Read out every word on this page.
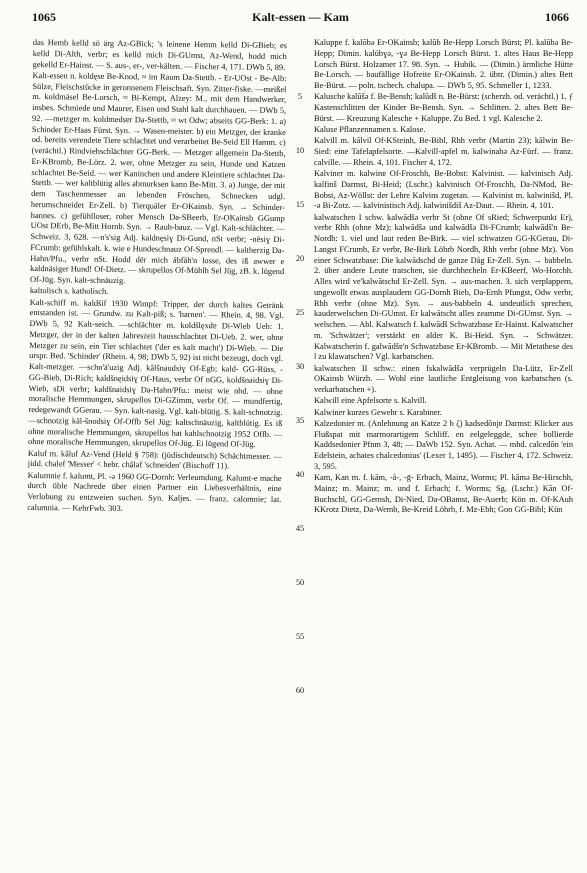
1065	Kalt-essen — Kam	1066

das Hemb kelld sö ärg Az-GBick; 's leinene Hemm kelld Di-GBieb; es kelld Di-Alth, verbr; es kelld mich Di-GUmst, Az-Wend, hodd mich gekelld Er-Hainst. — S. aus-, er-, ver-kälten. — Fischer 4, 171. DWb 5, 89.

Kalt-essen n. koldęsɐ Be-Knod, ≈ im Raum Da-Stettb. - Er-UOst - Be-Alb: Sülze, Fleischstücke in geronnenem Fleischsaft. Syn. Zitter-fiske. —meißel m. koldmäsel Be-Lorsch, ≈ Bi-Kempt, Alzey: M., mit dem Handwerker, insbes. Schmiede und Maurer, Eisen und Stahl kalt durchhauen. — DWb 5, 92. —metzger m. koldmedsɐr Da-Stettb, ≈ wt Odw; abseits GG-Berk: 1. a) Schinder Er-Haas Fürst. Syn. → Wasen-meister. b) ein Metzger, der kranke od. bereits verendete Tiere schlachtet und verarbeitet Be-Seid Ell Hamm. c) (verächtl.) Rindviehschlächter GG-Berk. — Metzger allgemein Da-Stettb, Er-KBromb, Be-Lörz. 2. wer, ohne Metzger zu sein, Hunde und Katzen schlachtet Be-Seid. — wer Kaninchen und andere Kleintiere schlachtet Da-Stettb. — wer kaltblütig alles abmurksen kann Be-Mitt. 3. a) Junge, der mit dem Taschenmesser an lebenden Fröschen, Schnecken udgl. herumschneidet Er-Zell. b) Tierquäler Er-OKainsb. Syn. → Schinder-hannes. c) gefühlloser, roher Mensch Da-SBeerb, Er-OKainsb GGump UOst DErb, Be-Mitt Hornb. Syn. → Rauh-bauz. — Vgl. Kalt-schlächter. — Schweiz. 3, 628. —n's'sig Adj. kaldnęsiɣ Di-Gund, nSt verbr; -nēsiɣ Di-FCrumb: gefühlskalt. k. wie e Hundeschnauz Of-Sprendl. — kaltherzig Da-Hahn/Pfu., verbr nSt. Hodd dër mich åbfåh'n losse, des iß awwer e kaldnäsiger Hund! Of-Dietz. — skrupellos Of-Mühlh Sel Jüg, zB. k. lügend Of-Jüg. Syn. kalt-schnäuzig.

kaltolisch s. katholisch.

Kalt-schiff m. kaldšif 1930 Wimpf: Tripper, der durch kaltes Getränk entstanden ist. — Grundw. zu Kalt-piß; s. 'harnen'. — Rhein. 4, 98. Vgl. DWb 5, 92 Kalt-seich. —schlächter m. koldšlęxdɐ Di-Wieb Ueb: 1. Metzger, der in der kalten Jahreszeit hausschlachtet Di-Ueb. 2. wer, ohne Metzger zu sein, ein Tier schlachtet ('der es kalt macht') Di-Wieb. — Die urspr. Bed. 'Schinder' (Rhein. 4, 98; DWb 5, 92) ist nicht bezeugt, doch vgl. Kalt-metzger. —schn'ä'uzig Adj. kâlšnaudsiɣ Of-Egb; kald- GG-Rüss, - GG-Bieb, Di-Rich; kaldšnęidsiɣ Of-Haus, verbr Of nGG, koldšnaidsiɣ Di-Wieb, sDi verbr; kaldšnaidsiɣ Da-Hahn/Pfu.: meist wie nhd. — ohne moralische Hemmungen, skrupellos Di-GZimm, verbr Of. — mundfertig, redegewandt GGerau. — Syn. kalt-nasig. Vgl. kalt-blütig. S. kalt-schnotzig. —schnotzig kāl-šnodsiɣ Of-Offb Sel Jüg: kaltschnäuzig, kaltblütig. Es iß ohne moralische Hemmungen, skrupellos hat kahlschnotzig 1952 Offb. — ohne moralische Hemmungen, skrupellos Of-Jüg. Ei lügend Of-Jüg.

Kaluf m. kâluf Az-Vend (Held § 758): (jüdischdeutsch) Schächtmesser. — jidd. chalef 'Messer' < hebr. châlaf 'schneiden' (Bischoff 11).

Kalumnie f. kalumt, Pl. -ə 1960 GG-Dornh: Verleumdung. Kalumt-e mache durch üble Nachrede über einen Partner ein Liebesverhältnis, eine Verlobung zu entzweien suchen. Syn. Kaljes. — franz. calomnie; lat. calumnia. — KehrFwb. 303.

5
10
15
20
25
30
35
40
45
50
55
60

Kaluppe f. kalōbə Er-OKainsb; kalūb Be-Hepp Lorsch Bürst; Pl. kalūbə Be-Hepp; Dimin. kalübɣə, -ɣə Be-Hepp Lorsch Bürst. 1. altes Haus Be-Hepp Lorsch Bürst. Holzamer 17. 98. Syn. → Hubik. — (Dimin.) ärmliche Hütte Be-Lorsch. — baufällige Hofreite Er-OKainsb. 2. übtr. (Dimin.) altes Bett Be-Bürst. — poln. tschech. chalupa. — DWb 5, 95. Schmeller 1, 1233.

Kalusche kalūšə f. Be-Bensh; kalūdš n. Be-Bürst: (scherzh. od. verächtl.) 1. ƒ Kastenschlitten der Kinder Be-Bensh. Syn. → Schlitten. 2. altes Bett Be-Bürst. — Kreuzung Kalesche + Kaluppe. Zu Bed. 1 vgl. Kalesche 2.

Kaluse Pflanzennamen s. Kalose.

Kalvill m. kālvil Of-KSteinh, Be-Bibl, Rhh verbr (Martin 23); kālwin Be-Sied: eine Tafelapfelsorte. —Kalvill-apfel m. kalwinabə Az-Fürf. — franz. calville. — Rhein. 4, 101. Fischer 4, 172.

Kalviner m. kalwinɐ Of-Froschh, Be-Bobst: Kalvinist. — kalvinisch Adj. kalfinš Darmst, Bi-Heid; (Lschr.) kalvinisch Of-Froschh, Da-NMod, Be-Bobst, Az-Wöllst: der Lehre Kalvins zugetan. — Kalvinist m. kalwinišd, Pl. -ə Bi-Zotz. — kalvinistisch Adj. kalwinišdiš Az-Daut. — Rhein. 4, 101.

kalwatschen I schw. kalwādšə verbr St (ohne Of sRied; Schwerpunkt Er), verbr Rhh (ohne Mz); kalwādšə und kalwādšə Di-FCrumb; kalwādš'n Be-Nordh: 1. viel und laut reden Be-Birk. — viel schwatzen GG-KGerau, Di-Langst FCrumb, Er verbr, Be-Birk Löhrb Nordh, Rhh verbr (ohne Mz). Von einer Schwatzbase: Die kalwādschd de ganze Dåg Er-Zell. Syn. → babbeln. 2. über andere Leute tratschen, sie durchhecheln Er-KBeerf, Wo-Horchh. Alles wird ve'kalwātschd Er-Zell. Syn. → aus-machen. 3. sich verplappern, ungewollt etwas ausplaudern GG-Dornh Bieb, Da-Ernh Pfungst, Odw verbr, Rhh verbr (ohne Mz). Syn. → aus-babbeln 4. undeutlich sprechen, kauderwelschen Di-GUmst. Er kalwātscht alles zeamme Di-GUmst. Syn. → welschen. — Abl. Kalwatsch f. kalwādš Schwatzbase Er-Hainst. Kalwatscher m. 'Schwätzer'; verstärkt en alder K. Bi-Heid. Syn. → Schwätzer. Kalwatscherin f. galwādšɐ'n Schwatzbase Er-KBromb. — Mit Metathese des l zu klawatschen? Vgl. karbatschen.

kalwatschen II schw.: einen fskalwādšə verprügeln Da-Lütz, Er-Zell OKainsb Würzb. — Wohl eine lautliche Entgleisung von karbatschen (s. verkarbatschen +).

Kalwill eine Apfelsorte s. Kalvill.

Kalwiner kurzes Gewehr s. Karabiner.

Kalzedonier m. (Anlehnung an Katze 2 b ζ) kadsedōnjɐ Darmst: Klicker aus Flußspat mit marmorartigem Schliff. en eelgeleggde, schee bollierde Kaddsedonier Pfnm 3, 48; — DaWb 152. Syn. Achat. — mhd. calcedōn 'ein Edelstein, achates chalcedonius' (Lexer 1, 1495). — Fischer 4, 172. Schweiz. 3, 595.

Kam, Kan m. f. kām, -å-, -ḡ- Erbach, Mainz, Worms; Pl. kāmə Be-Hirschh, Mainz; m. Mainz; m. und f. Erbach; f. Worms; Sg. (Lschr.) Kān Of-Buchschl, GG-Gernsh, Di-Nied, Da-OBamst, Be-Auerb; Kön m. Of-KAuh KKrotz Dietz, Da-Wemb, Be-Kreid Löhrb, f. Mz-Ebh; Gon GG-Bibl; Kün
